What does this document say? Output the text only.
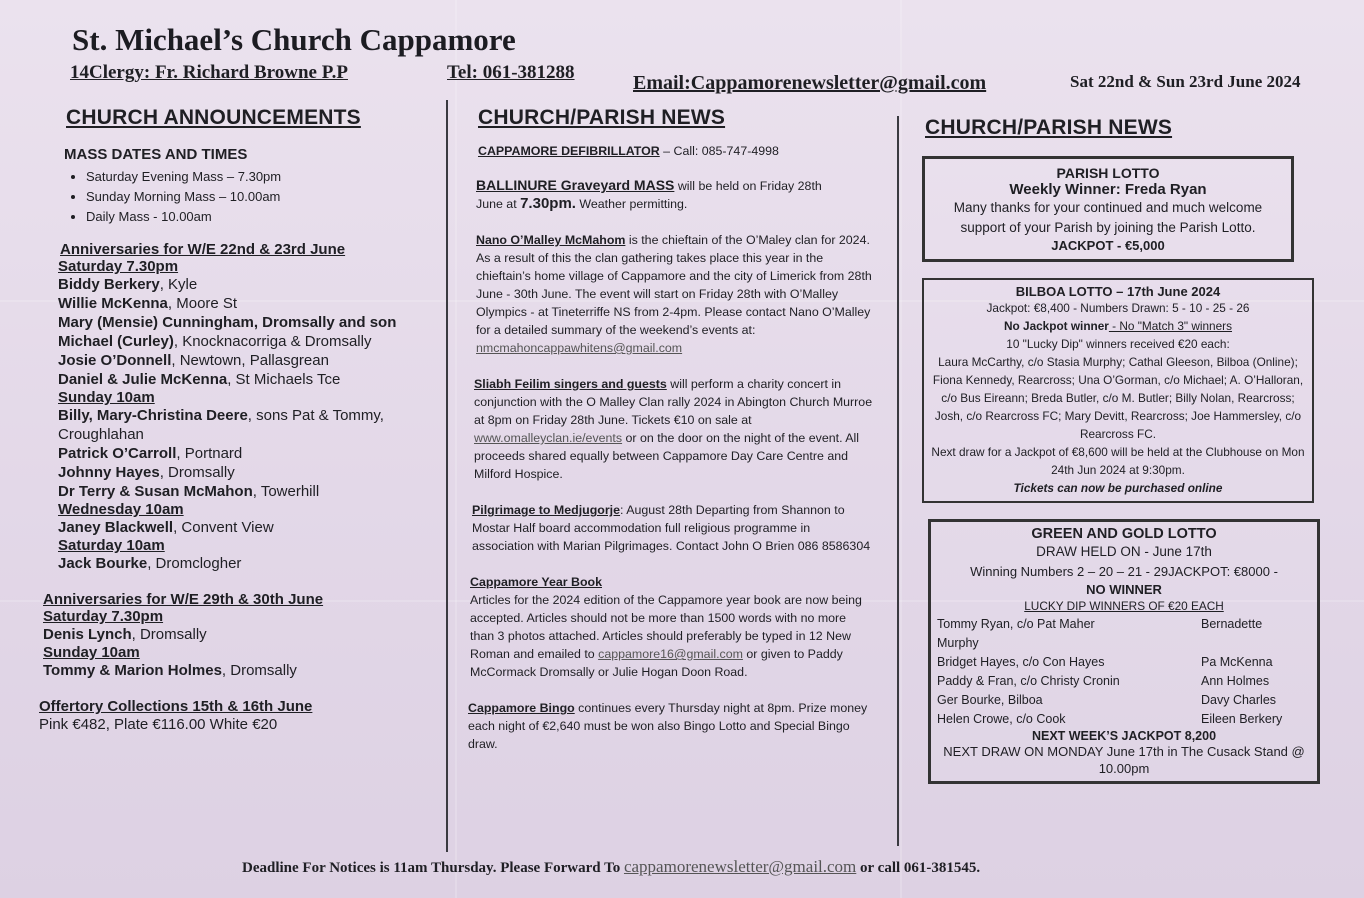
St. Michael’s Church Cappamore
14Clergy: Fr. Richard Browne P.P	Tel: 061-381288	Email:Cappamorenewsletter@gmail.com	Sat 22nd & Sun 23rd June 2024

CHURCH ANNOUNCEMENTS

MASS DATES AND TIMES

• Saturday Evening Mass – 7.30pm
• Sunday Morning Mass – 10.00am
• Daily Mass - 10.00am

Anniversaries for W/E 22nd & 23rd June

Saturday 7.30pm

Biddy Berkery, Kyle

Willie McKenna, Moore St

Mary (Mensie) Cunningham, Dromsally and son

Michael (Curley), Knocknacorriga & Dromsally

Josie O’Donnell, Newtown, Pallasgrean

Daniel & Julie McKenna, St Michaels Tce

Sunday 10am

Billy, Mary-Christina Deere, sons Pat & Tommy,

Croughlahan

Patrick O’Carroll, Portnard

Johnny Hayes, Dromsally

Dr Terry & Susan McMahon, Towerhill

Wednesday 10am

Janey Blackwell, Convent View

Saturday 10am

Jack Bourke, Dromclogher

Anniversaries for W/E 29th & 30th June

Saturday 7.30pm

Denis Lynch, Dromsally

Sunday 10am

Tommy & Marion Holmes, Dromsally

Offertory Collections 15th & 16th June

Pink €482, Plate €116.00 White €20

CHURCH/PARISH NEWS

CAPPAMORE DEFIBRILLATOR – Call: 085-747-4998

BALLINURE Graveyard MASS will be held on Friday 28th
June at 7.30pm. Weather permitting.

Nano O’Malley McMahom is the chieftain of the O’Maley clan for 2024. As a result of this the clan gathering takes place this year in the chieftain’s home village of Cappamore and the city of Limerick from 28th June - 30th June. The event will start on Friday 28th with O’Malley Olympics - at Tineterriffe NS from 2-4pm. Please contact Nano O’Malley for a detailed summary of the weekend’s events at: nmcmahoncappawhitens@gmail.com

Sliabh Feilim singers and guests will perform a charity concert in conjunction with the O Malley Clan rally 2024 in Abington Church Murroe at 8pm on Friday 28th June. Tickets €10 on sale at www.omalleyclan.ie/events or on the door on the night of the event. All proceeds shared equally between Cappamore Day Care Centre and Milford Hospice.

Pilgrimage to Medjugorje: August 28th Departing from Shannon to Mostar Half board accommodation full religious programme in association with Marian Pilgrimages. Contact John O Brien 086 8586304

Cappamore Year Book

Articles for the 2024 edition of the Cappamore year book are now being accepted. Articles should not be more than 1500 words with no more than 3 photos attached. Articles should preferably be typed in 12 New Roman and emailed to cappamore16@gmail.com or given to Paddy McCormack Dromsally or Julie Hogan Doon Road.

Cappamore Bingo continues every Thursday night at 8pm. Prize money each night of €2,640 must be won also Bingo Lotto and Special Bingo draw.

CHURCH/PARISH NEWS

PARISH LOTTO

Weekly Winner: Freda Ryan

Many thanks for your continued and much welcome support of your Parish by joining the Parish Lotto.

JACKPOT - €5,000

BILBOA LOTTO – 17th June 2024

Jackpot: €8,400 - Numbers Drawn: 5 - 10 - 25 - 26

No Jackpot winner - No "Match 3" winners

10 "Lucky Dip" winners received €20 each:

Laura McCarthy, c/o Stasia Murphy; Cathal Gleeson, Bilboa (Online); Fiona Kennedy, Rearcross; Una O’Gorman, c/o Michael; A. O’Halloran, c/o Bus Eireann; Breda Butler, c/o M. Butler; Billy Nolan, Rearcross; Josh, c/o Rearcross FC; Mary Devitt, Rearcross; Joe Hammersley, c/o Rearcross FC.

Next draw for a Jackpot of €8,600 will be held at the Clubhouse on Mon 24th Jun 2024 at 9:30pm.

Tickets can now be purchased online

GREEN AND GOLD LOTTO

DRAW HELD ON - June 17th

Winning Numbers 2 – 20 – 21 - 29JACKPOT: €8000 -

NO WINNER

LUCKY DIP WINNERS OF €20 EACH

Tommy Ryan, c/o Pat Maher	Bernadette
Murphy
Bridget Hayes, c/o Con Hayes	Pa McKenna
Paddy & Fran, c/o Christy Cronin	Ann Holmes
Ger Bourke, Bilboa	Davy Charles
Helen Crowe, c/o Cook	Eileen Berkery

NEXT WEEK’S JACKPOT 8,200

NEXT DRAW ON MONDAY June 17th in The Cusack Stand @ 10.00pm

Deadline For Notices is 11am Thursday. Please Forward To cappamorenewsletter@gmail.com or call 061-381545.
